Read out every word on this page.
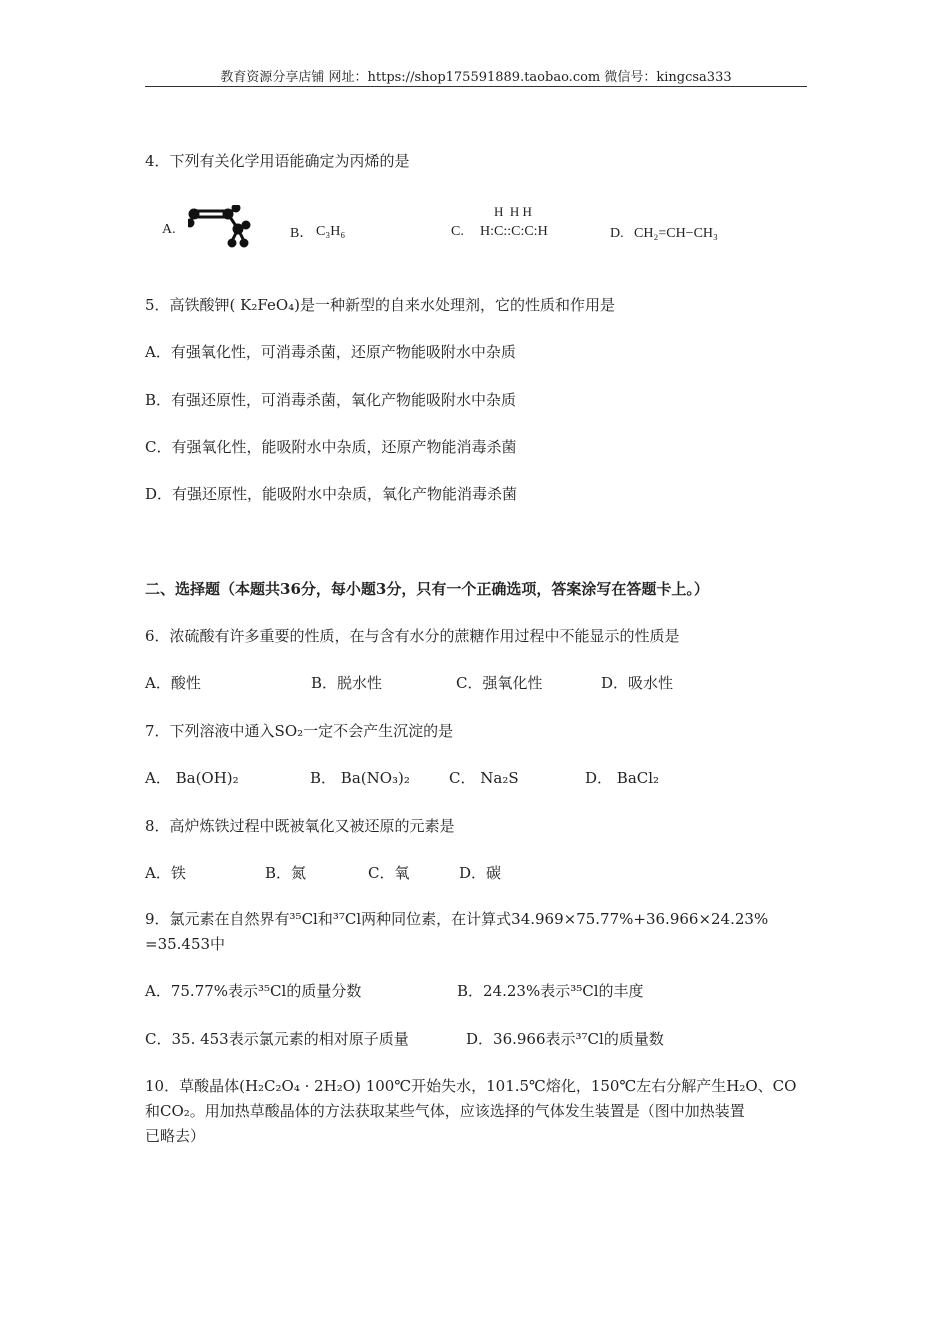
教育资源分享店铺 网址：https://shop175591889.taobao.com 微信号：kingcsa333
4．下列有关化学用语能确定为丙烯的是
A.	B． C₃H₆	C.
H  H H
H:C::C:C:H	D. CH₂=CH−CH₃
5．高铁酸钾( K₂FeO₄)是一种新型的自来水处理剂，它的性质和作用是
A．有强氧化性，可消毒杀菌，还原产物能吸附水中杂质
B．有强还原性，可消毒杀菌，氧化产物能吸附水中杂质
C．有强氧化性，能吸附水中杂质，还原产物能消毒杀菌
D．有强还原性，能吸附水中杂质，氧化产物能消毒杀菌
二、选择题（本题共36分，每小题3分，只有一个正确选项，答案涂写在答题卡上。）
6．浓硫酸有许多重要的性质，在与含有水分的蔗糖作用过程中不能显示的性质是
A．酸性	B．脱水性	C．强氧化性	D．吸水性
7．下列溶液中通入SO₂一定不会产生沉淀的是
A． Ba(OH)₂	B． Ba(NO₃)₂	C． Na₂S	D． BaCl₂
8．高炉炼铁过程中既被氧化又被还原的元素是
A．铁	B．氮	C．氧	D．碳
9．氯元素在自然界有³⁵Cl和³⁷Cl两种同位素，在计算式34.969×75.77%+36.966×24.23%
=35.453中
A．75.77%表示³⁵Cl的质量分数	B．24.23%表示³⁵Cl的丰度
C．35. 453表示氯元素的相对原子质量	D．36.966表示³⁷Cl的质量数
10．草酸晶体(H₂C₂O₄ · 2H₂O) 100℃开始失水，101.5℃熔化，150℃左右分解产生H₂O、CO
和CO₂。用加热草酸晶体的方法获取某些气体，应该选择的气体发生装置是（图中加热装置
已略去）
